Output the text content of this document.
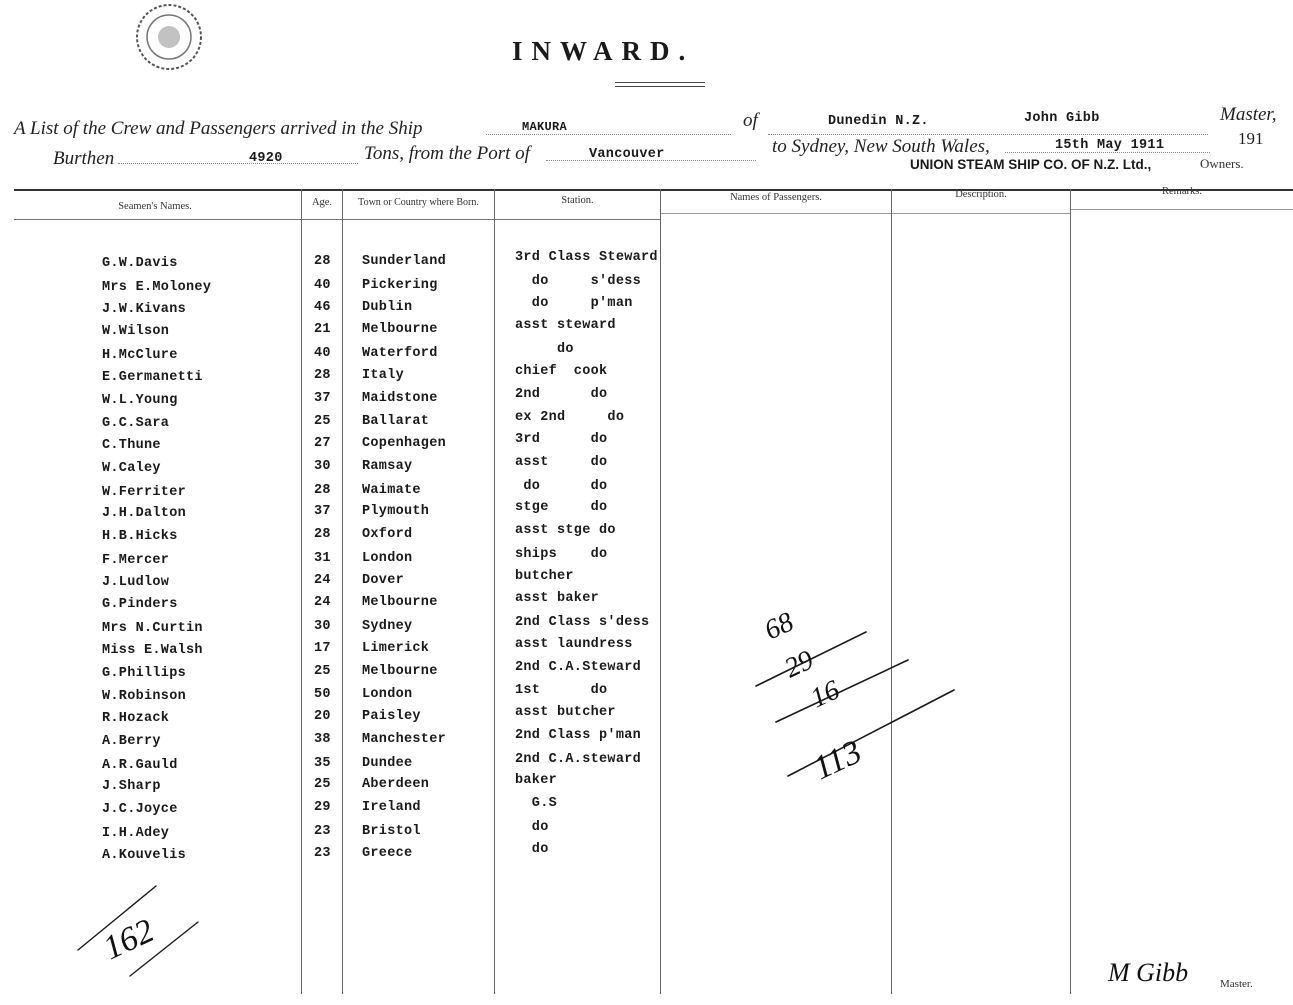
INWARD.
A List of the Crew and Passengers arrived in the Ship	MAKURA	of	Dunedin N.Z.	John Gibb	Master,
Burthen	4920	Tons, from the Port of	Vancouver	to Sydney, New South Wales,	15th May 1911	191
UNION STEAM SHIP CO. OF N.Z. Ltd.,	Owners.
Seamen's Names.	Age.	Town or Country where Born.	Station.	Names of Passengers.	Description.	Remarks.
G.W.Davis	28 Sunderland	3rd Class Steward
Mrs E.Moloney	40 Pickering	do     s'dess
J.W.Kivans	46 Dublin	do     p'man
W.Wilson	21 Melbourne	asst steward
H.McClure	40 Waterford	do
E.Germanetti	28 Italy	chief  cook
W.L.Young	37 Maidstone	2nd      do
G.C.Sara	25 Ballarat	ex 2nd     do
C.Thune	27 Copenhagen	3rd      do
W.Caley	30 Ramsay	asst     do
W.Ferriter	28 Waimate	do      do
J.H.Dalton	37 Plymouth	stge     do
H.B.Hicks	28 Oxford	asst stge do
F.Mercer	31 London	ships    do
J.Ludlow	24 Dover	butcher
G.Pinders	24 Melbourne	asst baker
Mrs N.Curtin	30 Sydney	2nd Class s'dess
Miss E.Walsh	17 Limerick	asst laundress
G.Phillips	25 Melbourne	2nd C.A.Steward
W.Robinson	50 London	1st      do
R.Hozack	20 Paisley	asst butcher
A.Berry	38 Manchester	2nd Class p'man
A.R.Gauld	35 Dundee	2nd C.A.steward
J.Sharp	25 Aberdeen	baker
J.C.Joyce	29 Ireland	G.S
I.H.Adey	23 Bristol	do
A.Kouvelis	23 Greece	do
68
29
16
113
162
M Gibb	Master.
